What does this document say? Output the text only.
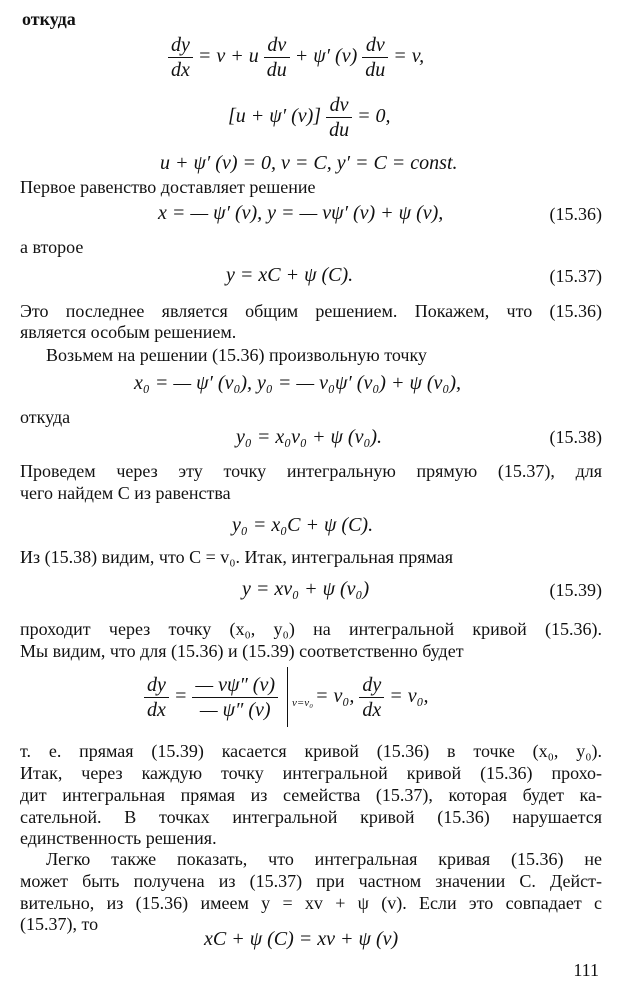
откуда
$\frac{dy}{dx} = v + u \frac{dv}{du} + \psi'$ $(v) \frac{dv}{du} = v$,
[u + ψ′ $(v)] \frac{dv}{du} = 0$,
u + ψ′ (v) = 0, v = C, y′ = C = const.
Первое равенство доставляет решение
x = — ψ′ (v), y = — vψ′ (v) + ψ (v),	(15.36)
а второе
y = xC + ψ (C).	(15.37)
Это последнее является общим решением. Покажем, что (15.36)
является особым решением.
Возьмем на решении (15.36) произвольную точку
x₀ = — ψ′ (v₀), y₀ = — v₀ψ′ (v₀) + ψ (v₀),
откуда
y₀ = x₀v₀ + ψ (v₀).	(15.38)
Проведем через эту точку интегральную прямую (15.37), для
чего найдем C из равенства
y₀ = x₀C + ψ (C).
Из (15.38) видим, что C = v₀. Итак, интегральная прямая
y = xv₀ + ψ (v₀)	(15.39)
проходит через точку (x₀, y₀) на интегральной кривой (15.36).
Мы видим, что для (15.36) и (15.39) соответственно будет
$\frac{dy}{dx} = \frac{— v\psi'' (v)}{— \psi'' (v)}$
v=v₀ = v₀, $\frac{dy}{dx} = v_0$,
т. е. прямая (15.39) касается кривой (15.36) в точке (x₀, y₀).
Итак, через каждую точку интегральной кривой (15.36) прохо-
дит интегральная прямая из семейства (15.37), которая будет ка-
сательной. В точках интегральной кривой (15.36) нарушается
единственность решения.
Легко также показать, что интегральная кривая (15.36) не
может быть получена из (15.37) при частном значении C. Дейст-
вительно, из (15.36) имеем y = xv + ψ (v). Если это совпадает с
(15.37), то
xC + ψ (C) = xv + ψ (v)
111
